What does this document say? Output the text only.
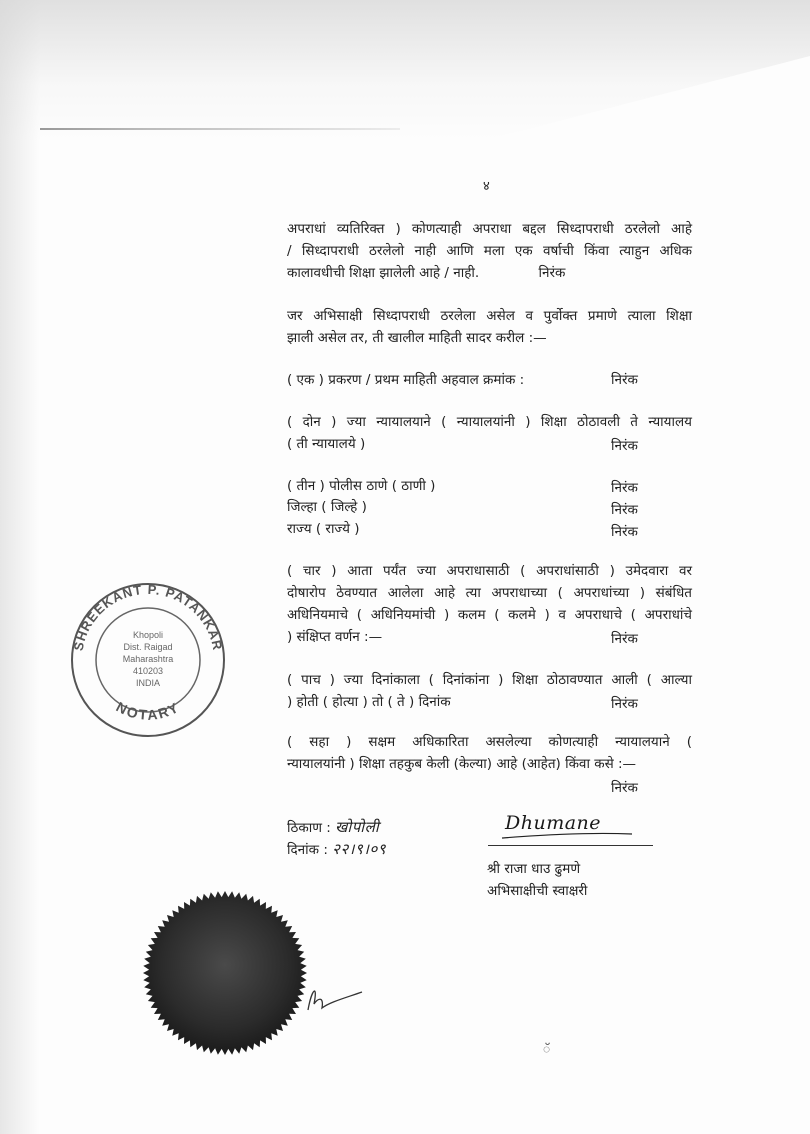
४
अपराधां व्यतिरिक्त ) कोणत्याही अपराधा बद्दल सिध्दापराधी ठरलेलो आहे
/ सिध्दापराधी ठरलेलो नाही आणि मला एक वर्षाची किंवा त्याहुन अधिक
कालावधीची शिक्षा झालेली आहे / नाही.	निरंक
जर अभिसाक्षी सिध्दापराधी ठरलेला असेल व पुर्वोक्त प्रमाणे त्याला शिक्षा
झाली असेल तर, ती खालील माहिती सादर करील :—
( एक ) प्रकरण / प्रथम माहिती अहवाल क्रमांक :	निरंक
( दोन ) ज्या न्यायालयाने ( न्यायालयांनी ) शिक्षा ठोठावली ते न्यायालय
( ती न्यायालये )	निरंक
( तीन ) पोलीस ठाणे ( ठाणी )	निरंक
जिल्हा ( जिल्हे )	निरंक
राज्य ( राज्ये )	निरंक
( चार ) आता पर्यंत ज्या अपराधासाठी ( अपराधांसाठी ) उमेदवारा वर
दोषारोप ठेवण्यात आलेला आहे त्या अपराधाच्या ( अपराधांच्या ) संबंधित
अधिनियमाचे ( अधिनियमांची ) कलम ( कलमे ) व अपराधाचे ( अपराधांचे
) संक्षिप्त वर्णन :—	निरंक
( पाच ) ज्या दिनांकाला ( दिनांकांना ) शिक्षा ठोठावण्यात आली ( आल्या
) होती ( होत्या ) तो ( ते ) दिनांक	निरंक
( सहा ) सक्षम अधिकारिता असलेल्या कोणत्याही न्यायालयाने (
न्यायालयांनी ) शिक्षा तहकुब केली (केल्या) आहे (आहेत) किंवा कसे :—
निरंक
ठिकाण : खोपोली
दिनांक : २२।९।०९
Dhumane
श्री राजा धाउ ढुमणे
अभिसाक्षीची स्वाक्षरी
SHREEKANT P. PATANKAR
NOTARY
Khopoli
Dist. Raigad
Maharashtra
410203
INDIA
ॅ
